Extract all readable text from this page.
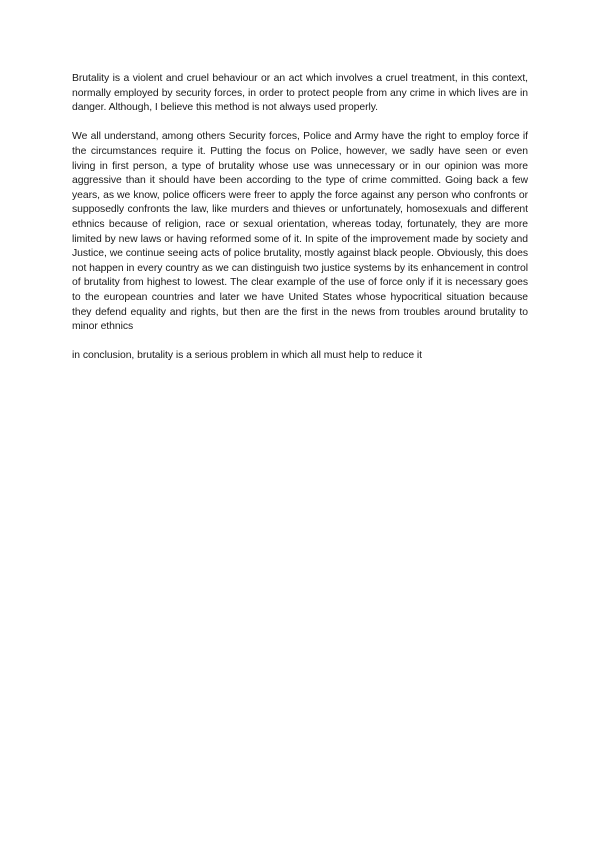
Brutality is a violent and cruel behaviour or an act which involves a cruel treatment, in this context, normally employed by security forces, in order to protect people from any crime in which lives are in danger. Although, I believe this method is not always used properly.

We all understand, among others Security forces, Police and Army have the right to employ force if the circumstances require it. Putting the focus on Police, however, we sadly have seen or even living in first person, a type of brutality whose use was unnecessary or in our opinion was more aggressive than it should have been according to the type of crime committed. Going back a few years, as we know, police officers were freer to apply the force against any person who confronts or supposedly confronts the law, like murders and thieves or unfortunately, homosexuals and different ethnics because of religion, race or sexual orientation, whereas today, fortunately, they are more limited by new laws or having reformed some of it. In spite of the improvement made by society and Justice, we continue seeing acts of police brutality, mostly against black people. Obviously, this does not happen in every country as we can distinguish two justice systems by its enhancement in control of brutality from highest to lowest. The clear example of the use of force only if it is necessary goes to the european countries and later we have United States whose hypocritical situation because they defend equality and rights, but then are the first in the news from troubles around brutality to minor ethnics

in conclusion, brutality is a serious problem in which all must help to reduce it
